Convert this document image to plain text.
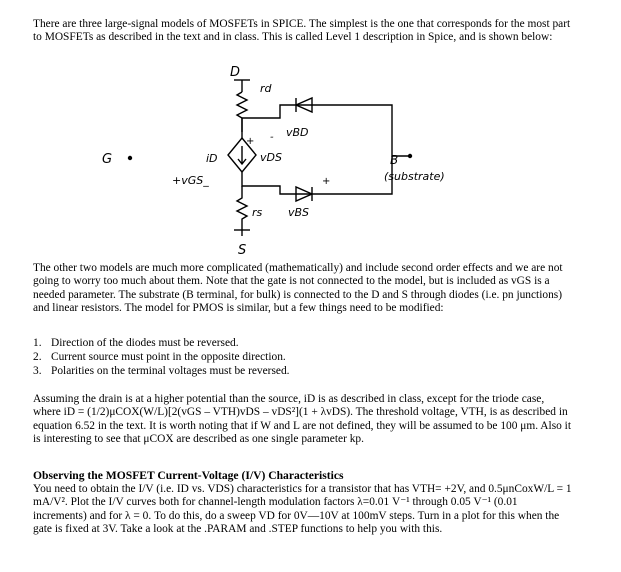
There are three large-signal models of MOSFETs in SPICE. The simplest is the one that corresponds for the most part to MOSFETs as described in the text and in class. This is called Level 1 description in Spice, and is shown below:
D
rd
G	iD
+vGS_
vDS
vBD
B
(substrate)
rs vBS
S
+ -
+
The other two models are much more complicated (mathematically) and include second order effects and we are not going to worry too much about them. Note that the gate is not connected to the model, but is included as vGS is a needed parameter. The substrate (B terminal, for bulk) is connected to the D and S through diodes (i.e. pn junctions) and linear resistors. The model for PMOS is similar, but a few things need to be modified:
1. Direction of the diodes must be reversed.
2. Current source must point in the opposite direction.
3. Polarities on the terminal voltages must be reversed.
Assuming the drain is at a higher potential than the source, iD is as described in class, except for the triode case, where iD = (1/2)μCOX(W/L)[2(vGS – VTH)vDS – vDS²](1 + λvDS). The threshold voltage, VTH, is as described in equation 6.52 in the text. It is worth noting that if W and L are not defined, they will be assumed to be 100 μm. Also it is interesting to see that μCOX are described as one single parameter kp.
Observing the MOSFET Current-Voltage (I/V) Characteristics
You need to obtain the I/V (i.e. ID vs. VDS) characteristics for a transistor that has VTH= +2V, and 0.5μnCoxW/L = 1 mA/V². Plot the I/V curves both for channel-length modulation factors λ=0.01 V⁻¹ through 0.05 V⁻¹ (0.01 increments) and for λ = 0. To do this, do a sweep VD for 0V—10V at 100mV steps. Turn in a plot for this when the gate is fixed at 3V. Take a look at the .PARAM and .STEP functions to help you with this.
